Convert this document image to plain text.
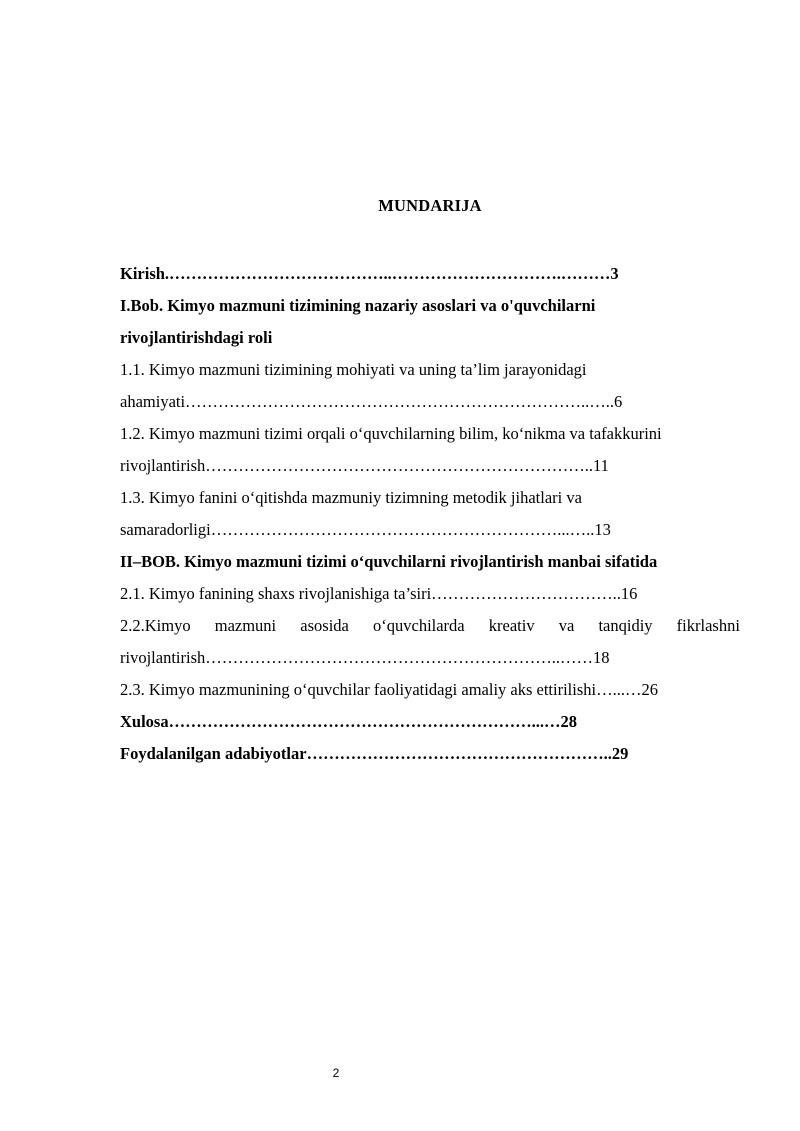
MUNDARIJA
Kirish.…………………………………..………………………….………3
I.Bob. Kimyo mazmuni tizimining nazariy asoslari va o'quvchilarni
rivojlantirishdagi roli
1.1. Kimyo mazmuni tizimining mohiyati va uning ta’lim jarayonidagi
ahamiyati………………………………………………………………..…..6
1.2. Kimyo mazmuni tizimi orqali o‘quvchilarning bilim, ko‘nikma va tafakkurini
rivojlantirish……………………………………………………………..11
1.3. Kimyo fanini o‘qitishda mazmuniy tizimning metodik jihatlari va
samaradorligi………………………………………………………...…..13
II–BOB. Kimyo mazmuni tizimi o‘quvchilarni rivojlantirish manbai sifatida
2.1. Kimyo fanining shaxs rivojlanishiga ta’siri……………………………..16
2.2.Kimyo mazmuni asosida o‘quvchilarda kreativ va tanqidiy fikrlashni
rivojlantirish………………………………………………………..……18
2.3. Kimyo mazmunining o‘quvchilar faoliyatidagi amaliy aks ettirilishi…...…26
Xulosa…………………………………………………………...…28
Foydalanilgan adabiyotlar………………………………………………..29
2
